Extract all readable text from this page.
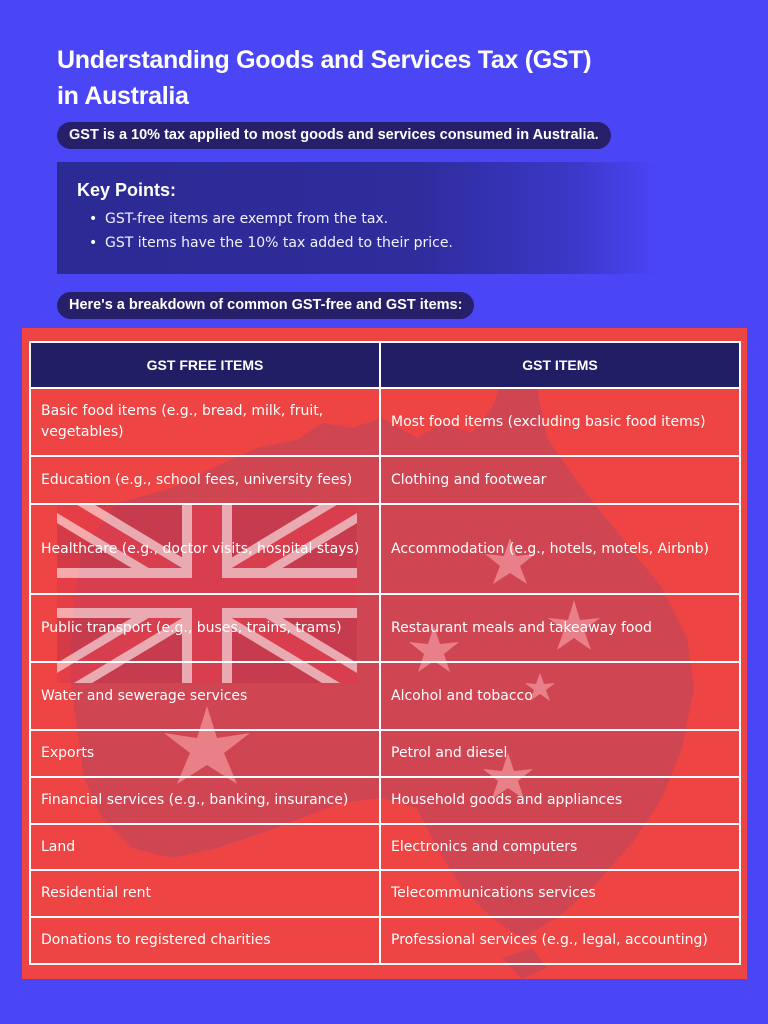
Understanding Goods and Services Tax (GST)
in Australia
GST is a 10% tax applied to most goods and services consumed in Australia.
Key Points:
• GST-free items are exempt from the tax.
• GST items have the 10% tax added to their price.
Here's a breakdown of common GST-free and GST items:
GST FREE ITEMS	GST ITEMS
Basic food items (e.g., bread, milk, fruit, vegetables)	Most food items (excluding basic food items)
Education (e.g., school fees, university fees)	Clothing and footwear
Healthcare (e.g., doctor visits, hospital stays)	Accommodation (e.g., hotels, motels, Airbnb)
Public transport (e.g., buses, trains, trams)	Restaurant meals and takeaway food
Water and sewerage services	Alcohol and tobacco
Exports	Petrol and diesel
Financial services (e.g., banking, insurance)	Household goods and appliances
Land	Electronics and computers
Residential rent	Telecommunications services
Donations to registered charities	Professional services (e.g., legal, accounting)
